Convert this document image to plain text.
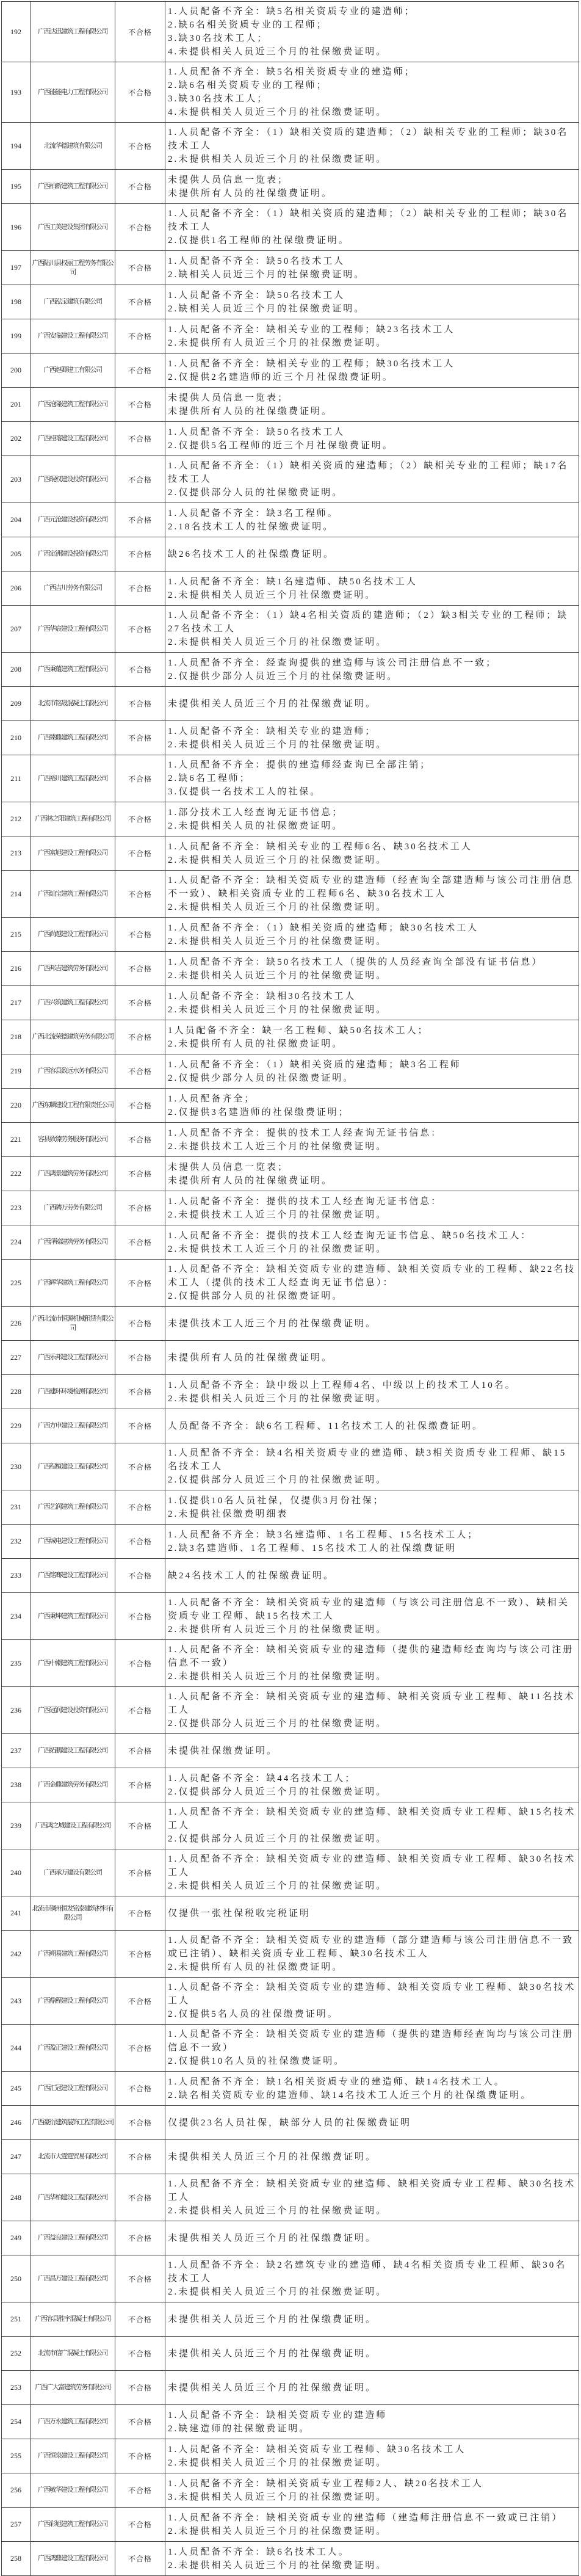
192	广西达迅建筑工程有限公司	不合格	1.人员配备不齐全：缺5名相关资质专业的建造师；
2.缺6名相关资质专业的工程师；
3.缺30名技术工人；
4.未提供相关人员近三个月的社保缴费证明。

193	广西能能电力工程有限公司	不合格	1.人员配备不齐全：缺5名相关资质专业的建造师；
2.缺6名相关资质专业的工程师；
3.缺30名技术工人；
4.未提供相关人员近三个月的社保缴费证明。

194	北流华德建筑有限公司	不合格	1.人员配备不齐全：（1）缺相关资质的建造师；（2）缺相关专业的工程师；缺30名技术工人
2.未提供相关人员近三个月的社保缴费证明。

195	广西柏新建筑工程有限公司	不合格	未提供人员信息一览表；
未提供所有人员的社保缴费证明。

196	广西工美建设集团有限公司	不合格	1.人员配备不齐全：（1）缺相关资质的建造师；（2）缺相关专业的工程师；缺30名技术工人
2.仅提供1名工程师的社保缴费证明。

197	广西陆川县权丽工程劳务有限公司	不合格	1.人员配备不齐全：缺50名技术工人
2.缺相关人员近三个月的社保缴费证明。

198	广西泓宝建筑有限公司	不合格	1.人员配备不齐全：缺50名技术工人
2.缺相关人员近三个月的社保缴费证明。

199	广西安临建设工程有限公司	不合格	1.人员配备不齐全：缺相关专业的工程师；缺23名技术工人
2.未提供所有人员近三个月的社保缴费证明。

200	广西赵卿建工有限公司	不合格	1.人员配备不齐全：缺相关专业的工程师；缺30名技术工人
2.仅提供2名建造师的近三个月社保缴费证明。

201	广西沧隆建筑工程有限公司	不合格	未提供人员信息一览表；
未提供所有人员的社保缴费证明。

202	广西桂喀建设工程有限公司	不合格	1.人员配备不齐全：缺50名技术工人
2.仅提供5名工程师的近三个月社保缴费证明。

203	广西琨权建设投资有限公司	不合格	1.人员配备不齐全：（1）缺相关资质的建造师；（2）缺相关专业的工程师；缺17名技术工人
2.仅提供部分人员的社保缴费证明。

204	广西元沧建设投资有限公司	不合格	1.人员配备不齐全：缺3名工程师。
2.18名技术工人的社保缴费证明。

205	广西定洲建设投资有限公司	不合格	缺26名技术工人的社保缴费证明。

206	广西吉川劳务有限公司	不合格	1.人员配备不齐全：缺1名建造师、缺50名技术工人
2.未提供相关人员近三个月社保缴费证明。

207	广西华宸建设工程有限公司	不合格	1.人员配备不齐全：（1）缺4名相关资质的建造师；（2）缺3相关专业的工程师；缺27名技术工人
2.未提供相关人员近三个月的社保缴费证明。

208	广西秉蕴建筑工程有限公司	不合格	1.人员配备不齐全：经查询提供的建造师与该公司注册信息不一致；
2.仅提供少部分人员近三个月的社保缴费证明。

209	北流市铭晟混凝土有限公司	不合格	未提供相关人员近三个月的社保缴费证明。

210	广西臻鼎建筑工程有限公司	不合格	1.人员配备不齐全：缺相关专业的建造师；
2.未提供相关人员近三个月的社保缴费证明。

211	广西裕川建筑工程有限公司	不合格	1.人员配备不齐全：提供的建造师经查询已全部注销；
2.缺6名工程师；
3.仅提供一名技术工人的社保。

212	广西林之阳建筑工程有限公司	不合格	1.部分技术工人经查询无证书信息；
2.未提供相关人员的社保缴费证明。

213	广西富旭建设工程有限公司	不合格	1.人员配备不齐全：缺相关专业的工程师6名、缺30名技术工人
2.未提供相关人员近三个月的社保缴费证明。

214	广西灿宝建筑工程有限公司	不合格	1.人员配备不齐全：缺相关资质专业的建造师（经查询全部建造师与该公司注册信息不一致）、缺相关资质专业的工程师6名、缺30名技术工人
2.未提供相关人员近三个月的社保缴费证明。

215	广西尚越建设工程有限公司	不合格	1.人员配备不齐全：（1）缺相关资质的建造师；缺30名技术工人
2.未提供相关人员近三个月的社保缴费证明。

216	广西邦吉建筑劳务有限公司	不合格	1.人员配备不齐全：缺50名技术工人（提供的人员经查询全部没有证书信息）
2.未提供相关人员近三个月的社保缴费证明。

217	广西兴筑建筑工程有限公司	不合格	1.人员配备不齐全：缺相30名技术工人
2.未提供相关人员近三个月的社保缴费证明。

218	广西北流荣德建筑劳务有限公司	不合格	1人员配备不齐全：缺一名工程师、缺50名技术工人；
2.未提供所有人员的社保缴费证明。

219	广西容县致远水务有限公司	不合格	1.人员配备不齐全：（1）缺相关资质的建造师；缺3名工程师
2.仅提供少部分人员的社保缴费证明。

220	广西东麟建设工程有限责任公司	不合格	1.人员配备齐全；
2.仅提供3名建造师的社保缴费证明；

221	容县致臻劳务服务有限公司	不合格	1.人员配备不齐全：提供的技术工人经查询无证书信息：
2.未提供技术工人近三个月的社保缴费证明。

222	广西鸿景建筑劳务有限公司	不合格	未提供人员信息一览表；
未提供所有人员的社保缴费证明。

223	广西骋万劳务有限公司	不合格	1.人员配备不齐全：提供的技术工人经查询无证书信息：
2.未提供技术工人近三个月的社保缴费证明。

224	广西泽锦建筑劳务有限公司	不合格	1.人员配备不齐全：提供的技术工人经查询无证书信息、缺50名技术工人：
2.未提供技术工人近三个月的社保缴费证明。

225	广西辉华建筑工程有限公司	不合格	1.人员配备不齐全：缺相关资质专业的建造师、缺相关资质专业的工程师、缺22名技术工人（提供的技术工人经查询无证书信息）：
2.仅提供部分人员的社保缴费证明。

226	广西北流市恒源机械租赁有限公司	不合格	未提供技术工人近三个月的社保缴费证明。

227	广西乐邦建设工程有限公司	不合格	未提供所有人员的社保缴费证明。

228	广西建环环境检测有限公司	不合格	1.人员配备不齐全：缺中级以上工程师4名、中级以上的技术工人10名。
2.未提供相关人员近三个月的社保缴费证明。

229	广西方申建设工程有限公司	不合格	人员配备不齐全：缺6名工程师、11名技术工人的社保缴费证明。

230	广西程桓建设工程有限公司	不合格	1.人员配备不齐全：缺4名相关资质专业的建造师、缺3相关资质专业工程师、缺15名技术工人
2.仅提供部分人员近三个月的社保缴费证明。

231	广西艺润建筑工程有限公司	不合格	1.仅提供10名人员社保，仅提供3月份社保；
2.未提供社保缴费明细表

232	广西城电建设工程有限公司	不合格	1.人员配备不齐全：缺3名建造师、1名工程师、15名技术工人；
2.缺3名建造师、1名工程师、15名技术工人的社保缴费证明

233	广西铭骞建设工程有限公司	不合格	缺24名技术工人的社保缴费证明。

234	广西秉坤建筑工程有限公司	不合格	1.人员配备不齐全：缺相关资质专业的建造师（与该公司注册信息不一致）、缺相关资质专业工程师、缺15名技术工人
2.未提供所有人员近三个月的社保缴费证明。

235	广西中潮建筑工程有限公司	不合格	1.人员配备不齐全：缺相关资质专业的建造师（提供的建造师经查询均与该公司注册信息不一致）
2.未提供相关人员近三个月的社保缴费证明。

236	广西冠润建设投资有限公司	不合格	1.人员配备不齐全：缺相关资质专业的建造师、缺相关资质专业工程师、缺11名技术工人
2.仅提供部分人员近三个月的社保缴费证明。

237	广西拓鹏建设工程有限公司	不合格	未提供社保缴费证明。

238	广西金鼎建筑劳务有限公司	不合格	1.人员配备不齐全：缺44名技术工人；
2.仅提供部分人员近三个月的社保缴费证明。

239	广西鸿之城建设工程有限公司	不合格	1.人员配备不齐全：缺相关资质专业的建造师、缺相关资质专业工程师、缺15名技术工人
2.仅提供部分人员近三个月的社保缴费证明。

240	广西承万建设有限公司	不合格	1.人员配备不齐全：缺相关资质专业的建造师、缺相关资质专业工程师、缺30名技术工人
2.未提供相关人员近三个月的社保缴费证明。

241	北流市铜州恒发铭泰建筑材料有限公司	不合格	仅提供一张社保税收完税证明

242	广西朔易建筑工程有限公司	不合格	1.人员配备不齐全：缺相关资质专业的建造师（部分建造师与该公司注册信息不一致或已注销）、缺相关资质专业工程师、缺30名技术工人
2.未提供所有人员的社保缴费证明。

243	广西鼎程建设工程有限公司	不合格	1.人员配备不齐全：缺相关资质专业的建造师、缺相关资质专业工程师、缺30名技术工人
2.仅提供5名人员的社保缴费证明。

244	广西盈正建设工程有限公司	不合格	1.人员配备不齐全：缺相关资质专业的建造师（提供的建造师经查询均与该公司注册信息不一致）
2.仅提供10名人员的社保缴费证明。

245	广西汇冠建设工程有限公司	不合格	1.人员配备不齐全：缺1名相关资质专业的建造师、缺14名技术工人。
2.缺名相关资质专业的建造师、缺14名技术工人近三个月的社保缴费证明。

246	广西豪衍建筑装饰工程有限公司	不合格	仅提供23名人员社保，缺部分人员的社保缴费证明

247	北流市大霆霆贸易有限公司	不合格	未提供相关人员近三个月的社保缴费证明。

248	广西华柏建设工程有限公司	不合格	1.人员配备不齐全：缺相关资质专业的建造师、缺相关资质专业工程师、缺30名技术工人
2.未提供相关人员近三个月的社保缴费证明。

249	广西益良建设工程有限公司	不合格	未提供相关人员近三个月的社保缴费证明。

250	广西昌万建设工程有限公司	不合格	1.人员配备不齐全：缺2名建筑专业的建造师、缺4名相关资质专业工程师、缺30名技术工人
2.未提供相关人员近三个月的社保缴费证明。

251	广西容县胜宇混凝土有限公司	不合格	未提供相关人员近三个月的社保缴费证明。

252	北流市信广混凝土有限公司	不合格	未提供相关人员近三个月的社保缴费证明。

253	广西广大富建筑劳务有限公司	不合格	未提供相关人员近三个月的社保缴费证明。

254	广西万永建筑工程有限公司	不合格	1.人员配备不齐全：缺相关资质专业的建造师
2.缺建造师的社保缴费证明。

255	广西恒泉建设工程有限公司	不合格	1.人员配备不齐全：缺相关资质专业工程师、缺30名技术工人
2.未提供相关人员近三个月的社保缴费证明。

256	广西敏华建设工程有限公司	不合格	1.人员配备不齐全：缺相关资质专业工程师2人、缺20名技术工人
3.未提供相关人员近三个月的社保缴费证明。

257	广西彩旭建筑工程有限公司	不合格	1.人员配备不齐全：缺相关资质专业的建造师（建造师注册信息不一致或已注销）
2.未提供相关人员近三个月的社保缴费证明。

258	广西鸿鼎建设工程有限公司	不合格	1.人员配备不齐全：缺6名技术工人。
2.未提供相关人员近三个月的社保缴费证明。
